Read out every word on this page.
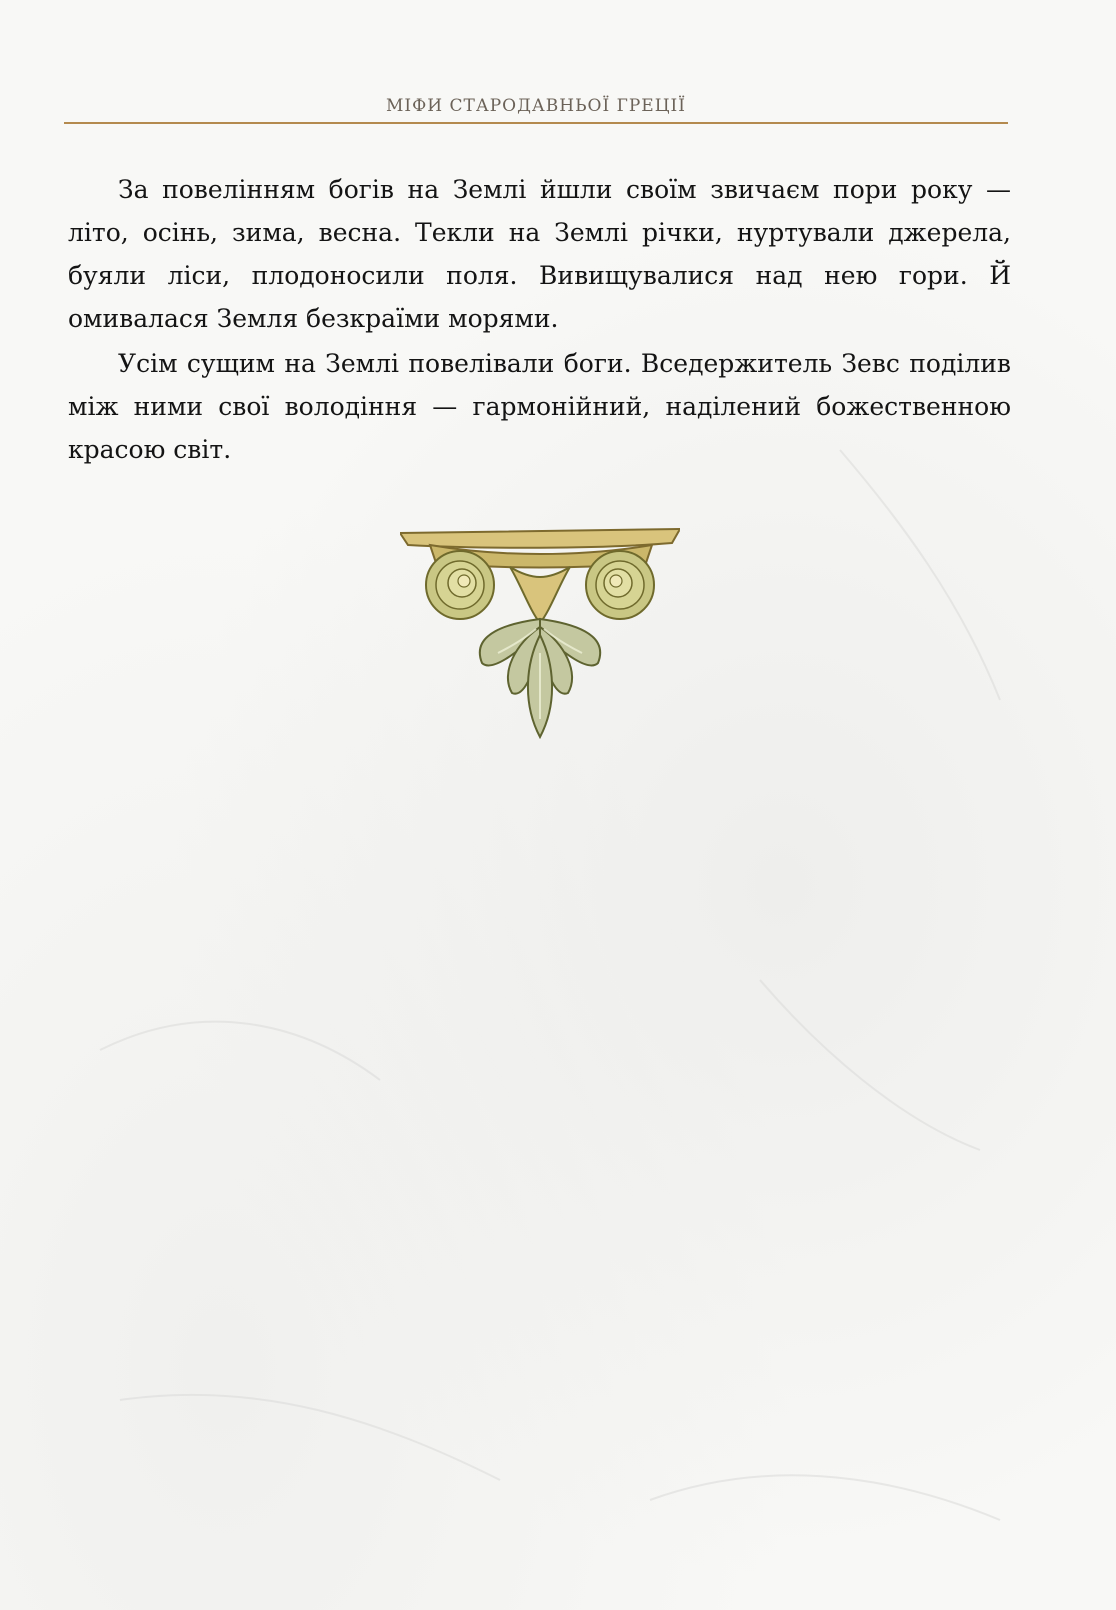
МІФИ СТАРОДАВНЬОЇ ГРЕЦІЇ

За повелінням богів на Землі йшли своїм звичаєм пори року — літо, осінь, зима, весна. Текли на Землі річки, нуртували джерела, буяли ліси, плодоносили поля. Вивищувалися над нею гори. Й омивалася Земля безкраїми морями.

Усім сущим на Землі повелівали боги. Вседержитель Зевс поділив між ними свої володіння — гармонійний, наділений божественною красою світ.
